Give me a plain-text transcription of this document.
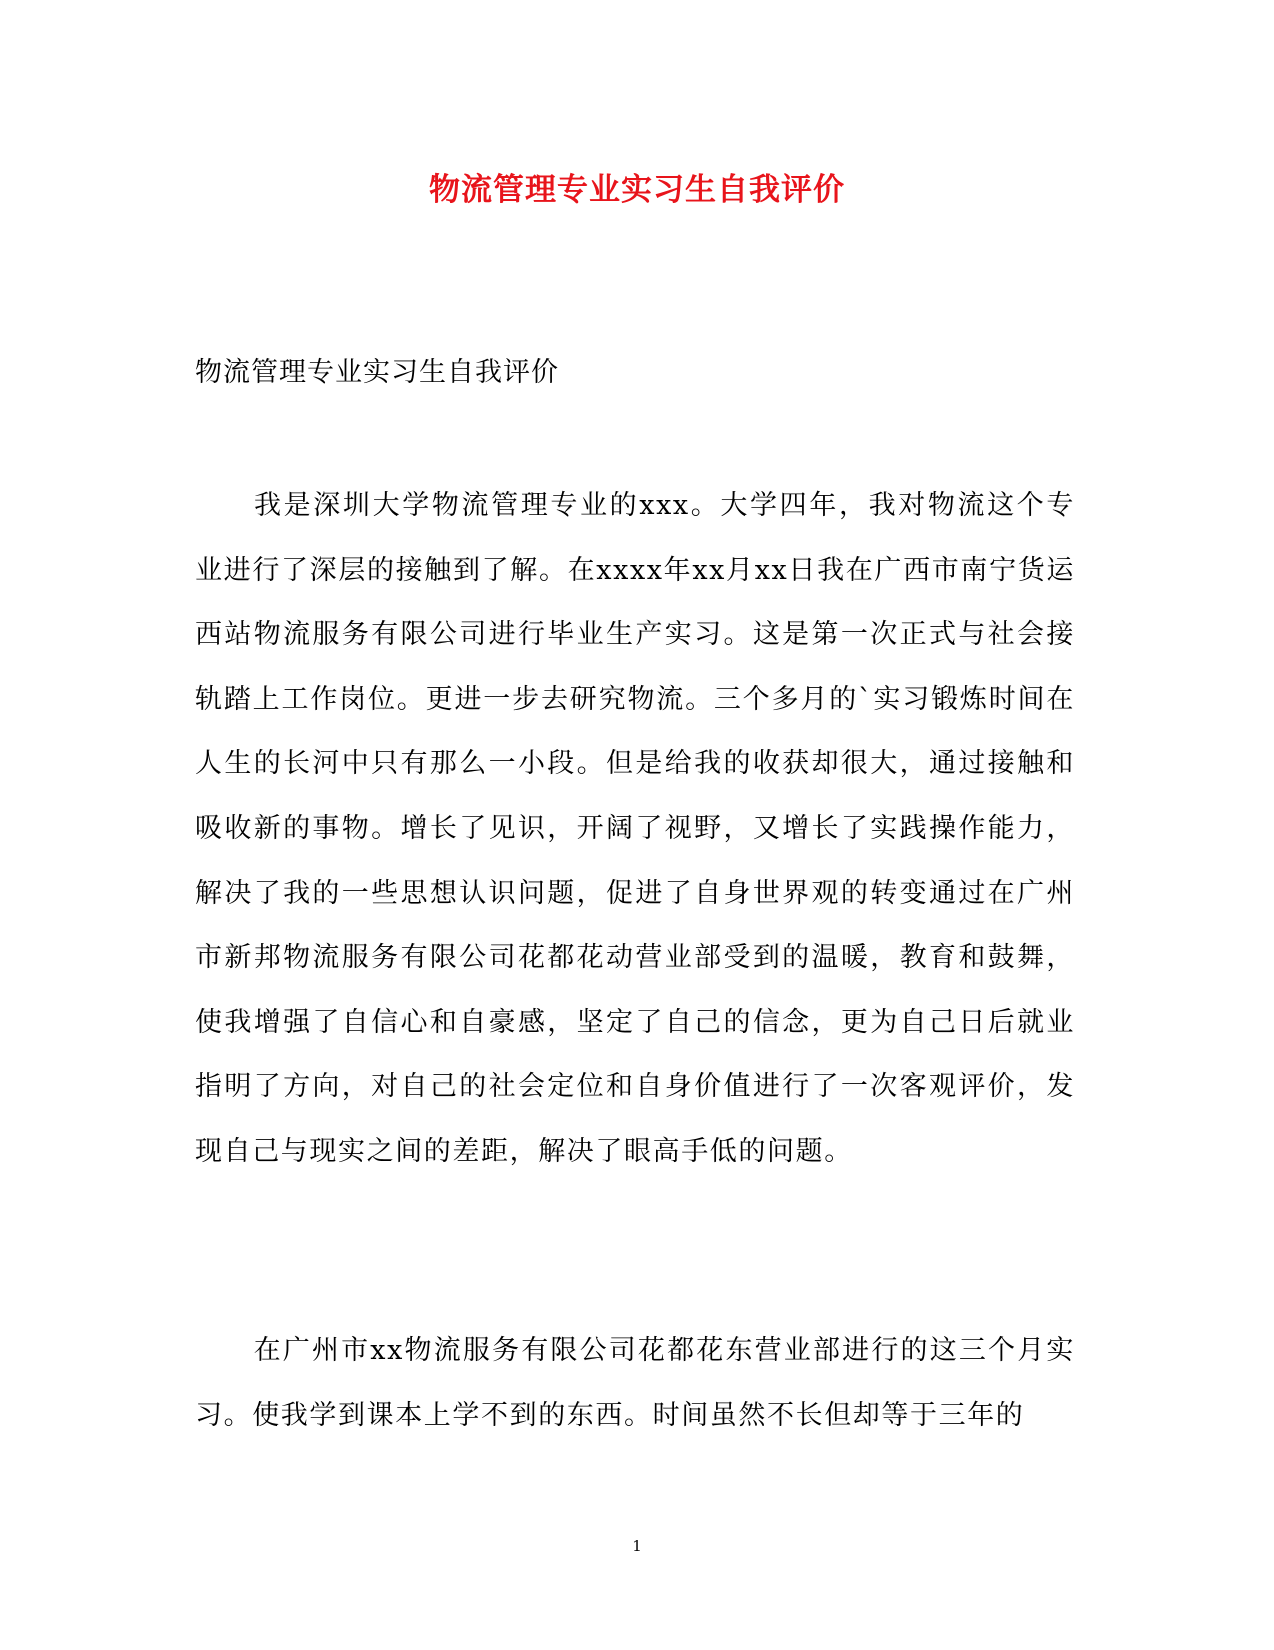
物流管理专业实习生自我评价
物流管理专业实习生自我评价

我是深圳大学物流管理专业的xxx。大学四年，我对物流这个专业进行了深层的接触到了解。在xxxx年xx月xx日我在广西市南宁货运西站物流服务有限公司进行毕业生产实习。这是第一次正式与社会接轨踏上工作岗位。更进一步去研究物流。三个多月的`实习锻炼时间在人生的长河中只有那么一小段。但是给我的收获却很大，通过接触和吸收新的事物。增长了见识，开阔了视野，又增长了实践操作能力，解决了我的一些思想认识问题，促进了自身世界观的转变通过在广州市新邦物流服务有限公司花都花动营业部受到的温暖，教育和鼓舞，使我增强了自信心和自豪感，坚定了自己的信念，更为自己日后就业指明了方向，对自己的社会定位和自身价值进行了一次客观评价，发现自己与现实之间的差距，解决了眼高手低的问题。

在广州市xx物流服务有限公司花都花东营业部进行的这三个月实习。使我学到课本上学不到的东西。时间虽然不长但却等于三年的

1
